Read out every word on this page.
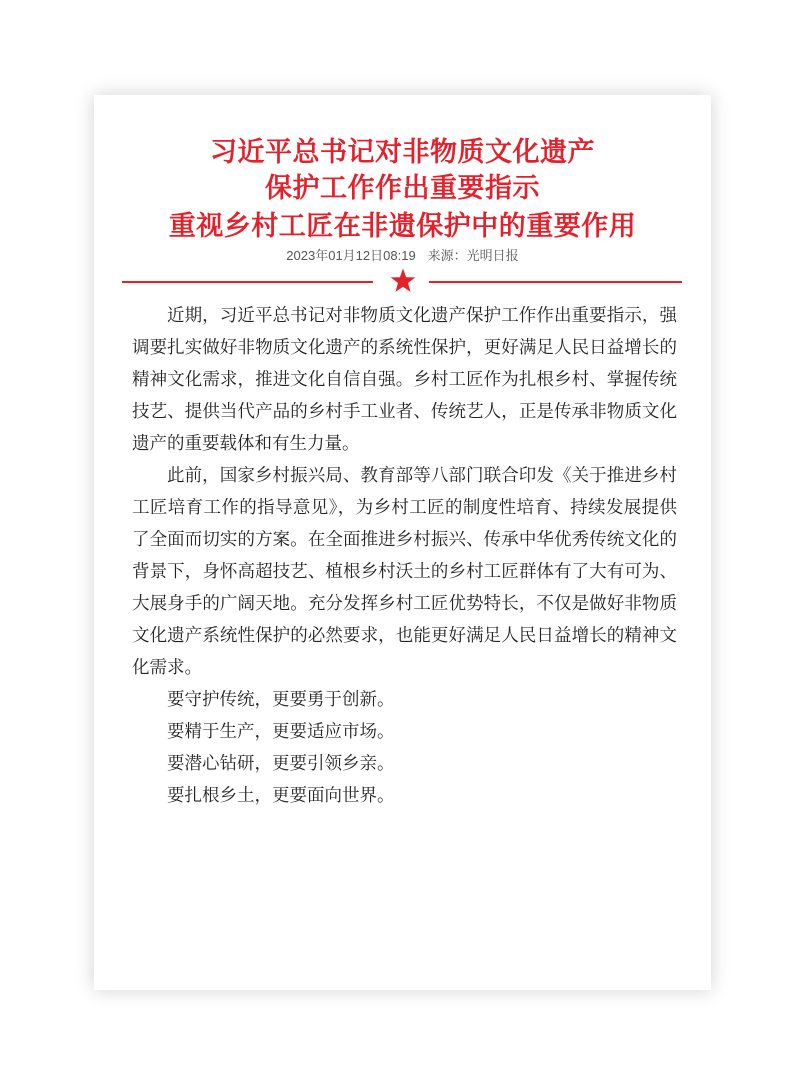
习近平总书记对非物质文化遗产
保护工作作出重要指示
重视乡村工匠在非遗保护中的重要作用
2023年01月12日08:19 来源：光明日报

近期，习近平总书记对非物质文化遗产保护工作作出重要指示，强调要扎实做好非物质文化遗产的系统性保护，更好满足人民日益增长的精神文化需求，推进文化自信自强。乡村工匠作为扎根乡村、掌握传统技艺、提供当代产品的乡村手工业者、传统艺人，正是传承非物质文化遗产的重要载体和有生力量。

此前，国家乡村振兴局、教育部等八部门联合印发《关于推进乡村工匠培育工作的指导意见》，为乡村工匠的制度性培育、持续发展提供了全面而切实的方案。在全面推进乡村振兴、传承中华优秀传统文化的背景下，身怀高超技艺、植根乡村沃土的乡村工匠群体有了大有可为、大展身手的广阔天地。充分发挥乡村工匠优势特长，不仅是做好非物质文化遗产系统性保护的必然要求，也能更好满足人民日益增长的精神文化需求。

要守护传统，更要勇于创新。

要精于生产，更要适应市场。

要潜心钻研，更要引领乡亲。

要扎根乡土，更要面向世界。
